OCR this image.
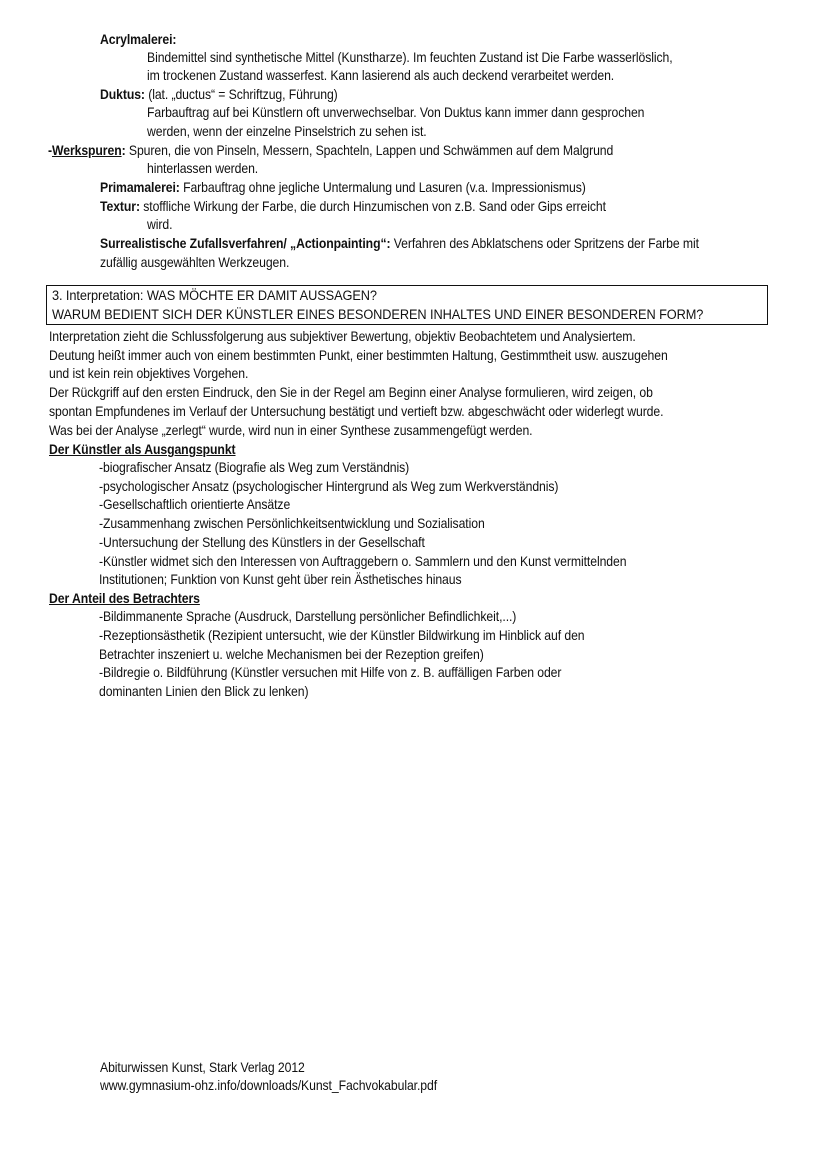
Acrylmalerei:
Bindemittel sind synthetische Mittel (Kunstharze). Im feuchten Zustand ist Die Farbe wasserlöslich,
im trockenen Zustand wasserfest. Kann lasierend als auch deckend verarbeitet werden.
Duktus: (lat. „ductus“ = Schriftzug, Führung)
Farbauftrag auf bei Künstlern oft unverwechselbar. Von Duktus kann immer dann gesprochen
werden, wenn der einzelne Pinselstrich zu sehen ist.
-Werkspuren: Spuren, die von Pinseln, Messern, Spachteln, Lappen und Schwämmen auf dem Malgrund
hinterlassen werden.
Primamalerei: Farbauftrag ohne jegliche Untermalung und Lasuren (v.a. Impressionismus)
Textur: stoffliche Wirkung der Farbe, die durch Hinzumischen von z.B. Sand oder Gips erreicht
wird.
Surrealistische Zufallsverfahren/ „Actionpainting“: Verfahren des Abklatschens oder Spritzens der Farbe mit
zufällig ausgewählten Werkzeugen.
3. Interpretation: WAS MÖCHTE ER DAMIT AUSSAGEN?
WARUM BEDIENT SICH DER KÜNSTLER EINES BESONDEREN INHALTES UND EINER BESONDEREN FORM?
Interpretation zieht die Schlussfolgerung aus subjektiver Bewertung, objektiv Beobachtetem und Analysiertem.
Deutung heißt immer auch von einem bestimmten Punkt, einer bestimmten Haltung, Gestimmtheit usw. auszugehen
und ist kein rein objektives Vorgehen.
Der Rückgriff auf den ersten Eindruck, den Sie in der Regel am Beginn einer Analyse formulieren, wird zeigen, ob
spontan Empfundenes im Verlauf der Untersuchung bestätigt und vertieft bzw. abgeschwächt oder widerlegt wurde.
Was bei der Analyse „zerlegt“ wurde, wird nun in einer Synthese zusammengefügt werden.
Der Künstler als Ausgangspunkt
-biografischer Ansatz (Biografie als Weg zum Verständnis)
-psychologischer Ansatz (psychologischer Hintergrund als Weg zum Werkverständnis)
-Gesellschaftlich orientierte Ansätze
-Zusammenhang zwischen Persönlichkeitsentwicklung und Sozialisation
-Untersuchung der Stellung des Künstlers in der Gesellschaft
-Künstler widmet sich den Interessen von Auftraggebern o. Sammlern und den Kunst vermittelnden
Institutionen; Funktion von Kunst geht über rein Ästhetisches hinaus
Der Anteil des Betrachters
-Bildimmanente Sprache (Ausdruck, Darstellung persönlicher Befindlichkeit,...)
-Rezeptionsästhetik (Rezipient untersucht, wie der Künstler Bildwirkung im Hinblick auf den
Betrachter inszeniert u. welche Mechanismen bei der Rezeption greifen)
-Bildregie o. Bildführung (Künstler versuchen mit Hilfe von z. B. auffälligen Farben oder
dominanten Linien den Blick zu lenken)
Abiturwissen Kunst, Stark Verlag 2012
www.gymnasium-ohz.info/downloads/Kunst_Fachvokabular.pdf
